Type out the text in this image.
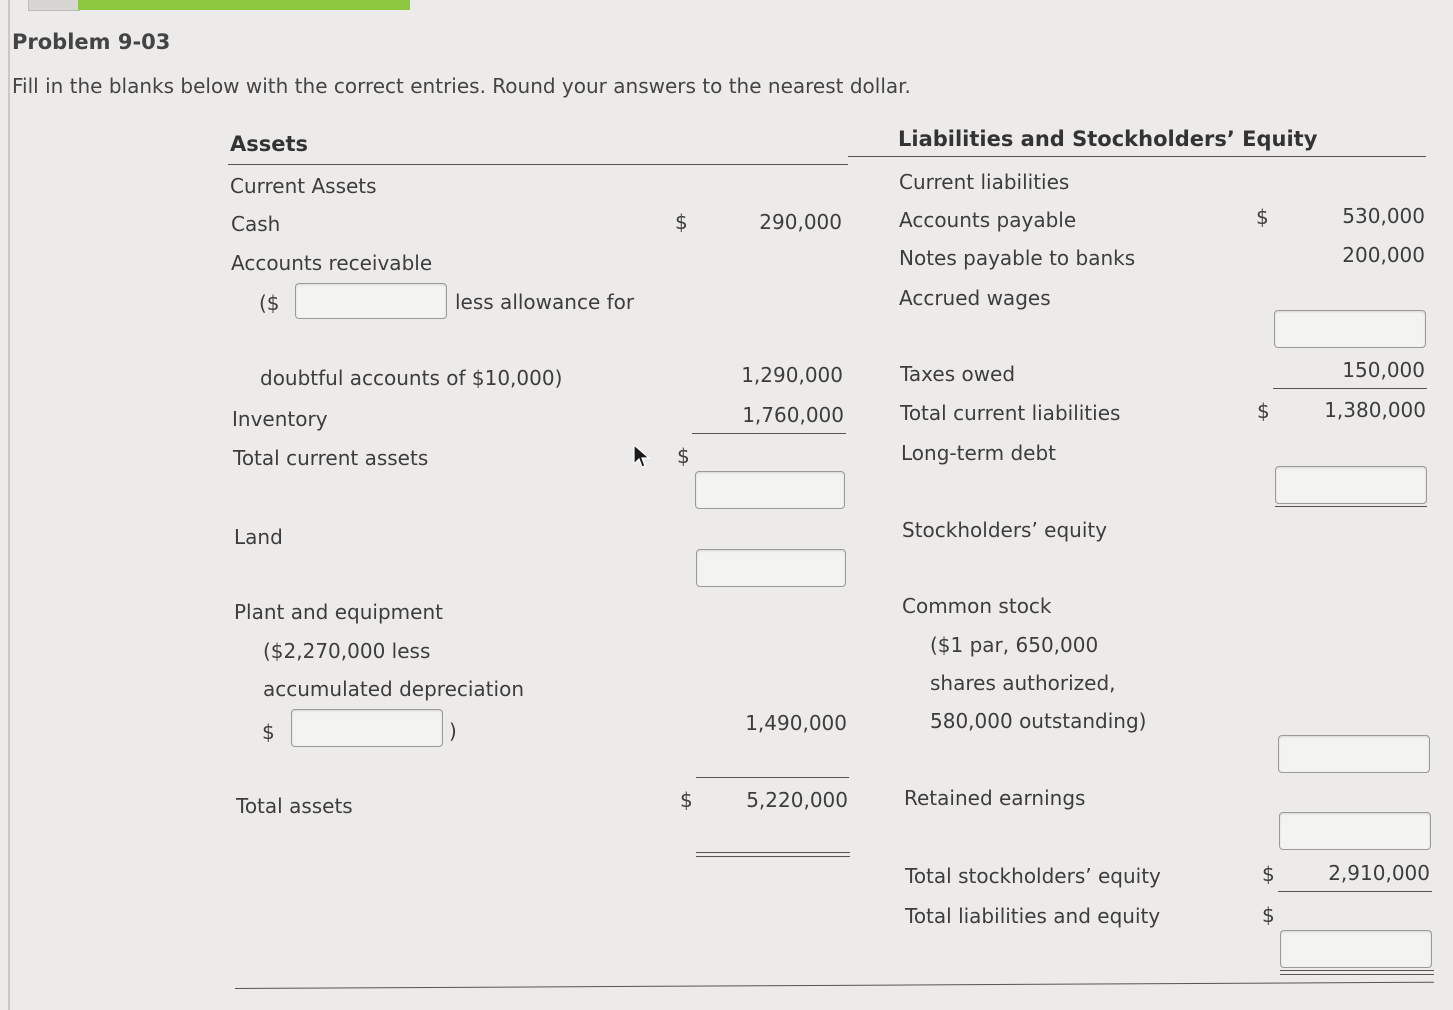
Problem 9-03
Fill in the blanks below with the correct entries. Round your answers to the nearest dollar.
Assets
Current Assets
Cash	$	290,000
Accounts receivable
($	less allowance for
doubtful accounts of $10,000)	1,290,000
Inventory	1,760,000
Total current assets	$
Land
Plant and equipment
($2,270,000 less
accumulated depreciation
$	)	1,490,000
Total assets	$	5,220,000
Liabilities and Stockholders’ Equity
Current liabilities
Accounts payable	$	530,000
Notes payable to banks	200,000
Accrued wages
Taxes owed	150,000
Total current liabilities	$	1,380,000
Long-term debt
Stockholders’ equity
Common stock
($1 par, 650,000
shares authorized,
580,000 outstanding)
Retained earnings
Total stockholders’ equity	$	2,910,000
Total liabilities and equity	$
